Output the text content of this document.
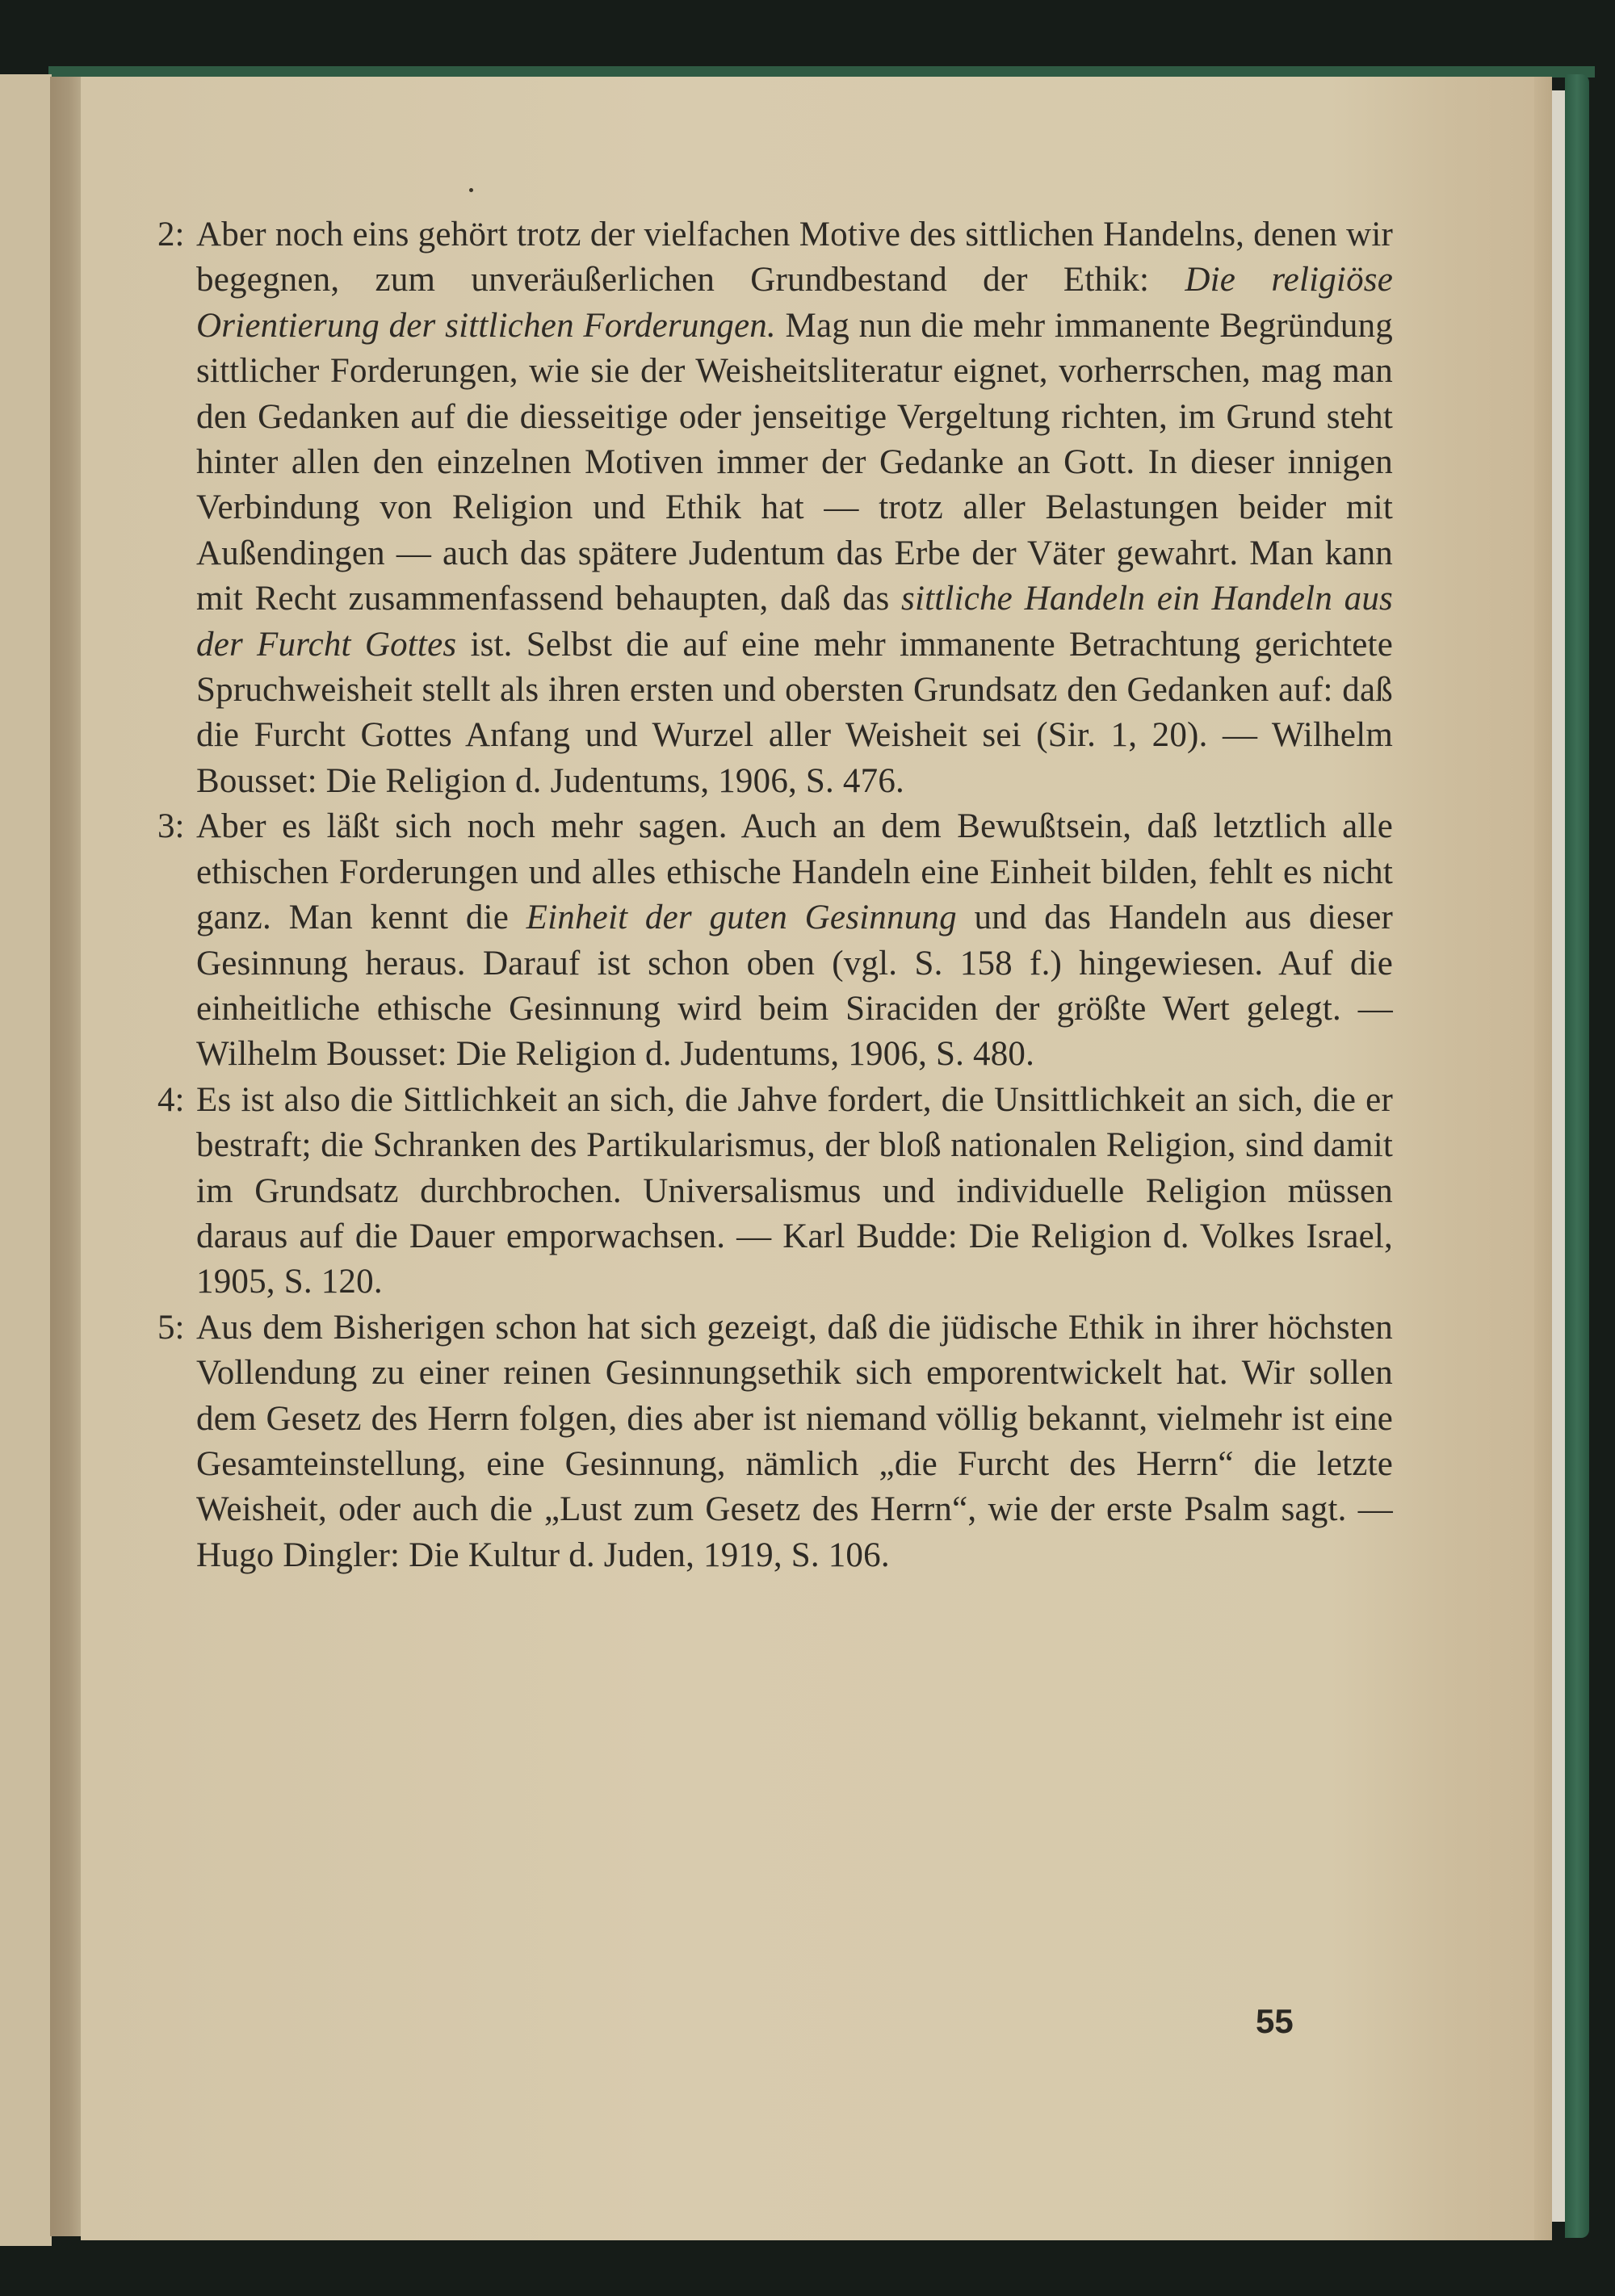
2: Aber noch eins gehört trotz der vielfachen Motive des sittlichen Handelns, denen wir begegnen, zum unveräußerlichen Grundbestand der Ethik: Die religiöse Orientierung der sittlichen Forderungen. Mag nun die mehr immanente Begründung sittlicher Forderungen, wie sie der Weisheitsliteratur eignet, vorherrschen, mag man den Gedanken auf die diesseitige oder jenseitige Vergeltung richten, im Grund steht hinter allen den einzelnen Motiven immer der Gedanke an Gott. In dieser innigen Verbindung von Religion und Ethik hat — trotz aller Belastungen beider mit Außendingen — auch das spätere Judentum das Erbe der Väter gewahrt. Man kann mit Recht zusammenfassend behaupten, daß das sittliche Handeln ein Handeln aus der Furcht Gottes ist. Selbst die auf eine mehr immanente Betrachtung gerichtete Spruchweisheit stellt als ihren ersten und obersten Grundsatz den Gedanken auf: daß die Furcht Gottes Anfang und Wurzel aller Weisheit sei (Sir. 1, 20). — Wilhelm Bousset: Die Religion d. Judentums, 1906, S. 476.
3: Aber es läßt sich noch mehr sagen. Auch an dem Bewußtsein, daß letztlich alle ethischen Forderungen und alles ethische Handeln eine Einheit bilden, fehlt es nicht ganz. Man kennt die Einheit der guten Gesinnung und das Handeln aus dieser Gesinnung heraus. Darauf ist schon oben (vgl. S. 158 f.) hingewiesen. Auf die einheitliche ethische Gesinnung wird beim Siraciden der größte Wert gelegt. — Wilhelm Bousset: Die Religion d. Judentums, 1906, S. 480.
4: Es ist also die Sittlichkeit an sich, die Jahve fordert, die Unsittlichkeit an sich, die er bestraft; die Schranken des Partikularismus, der bloß nationalen Religion, sind damit im Grundsatz durchbrochen. Universalismus und individuelle Religion müssen daraus auf die Dauer emporwachsen. — Karl Budde: Die Religion d. Volkes Israel, 1905, S. 120.
5: Aus dem Bisherigen schon hat sich gezeigt, daß die jüdische Ethik in ihrer höchsten Vollendung zu einer reinen Gesinnungsethik sich emporentwickelt hat. Wir sollen dem Gesetz des Herrn folgen, dies aber ist niemand völlig bekannt, vielmehr ist eine Gesamteinstellung, eine Gesinnung, nämlich „die Furcht des Herrn“ die letzte Weisheit, oder auch die „Lust zum Gesetz des Herrn“, wie der erste Psalm sagt. — Hugo Dingler: Die Kultur d. Juden, 1919, S. 106.
55
